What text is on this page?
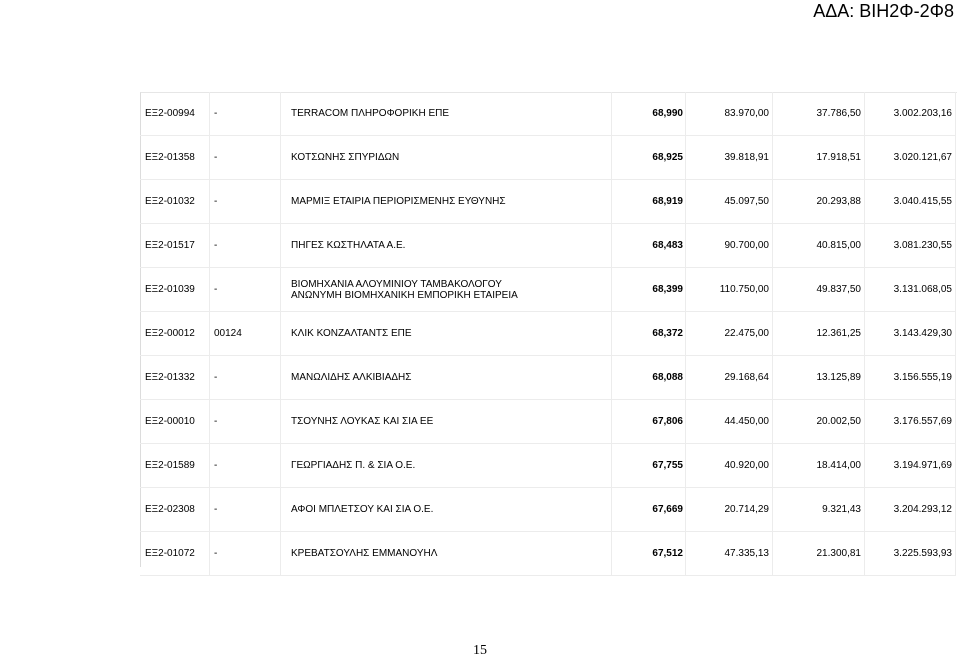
ΑΔΑ: ΒΙΗ2Φ-2Φ8
ΕΞ2-00994	-	TERRACOM ΠΛΗΡΟΦΟΡΙΚΗ ΕΠΕ	68,990	83.970,00	37.786,50	3.002.203,16
ΕΞ2-01358	-	ΚΟΤΣΩΝΗΣ ΣΠΥΡΙΔΩΝ	68,925	39.818,91	17.918,51	3.020.121,67
ΕΞ2-01032	-	ΜΑΡΜΙΞ ΕΤΑΙΡΙΑ ΠΕΡΙΟΡΙΣΜΕΝΗΣ ΕΥΘΥΝΗΣ	68,919	45.097,50	20.293,88	3.040.415,55
ΕΞ2-01517	-	ΠΗΓΕΣ ΚΩΣΤΗΛΑΤΑ Α.Ε.	68,483	90.700,00	40.815,00	3.081.230,55
ΕΞ2-01039	-	ΒΙΟΜΗΧΑΝΙΑ ΑΛΟΥΜΙΝΙΟΥ ΤΑΜΒΑΚΟΛΟΓΟΥ
ΑΝΩΝΥΜΗ ΒΙΟΜΗΧΑΝΙΚΗ ΕΜΠΟΡΙΚΗ ΕΤΑΙΡΕΙΑ	68,399	110.750,00	49.837,50	3.131.068,05
ΕΞ2-00012	00124	ΚΛΙΚ ΚΟΝΖΑΛΤΑΝΤΣ ΕΠΕ	68,372	22.475,00	12.361,25	3.143.429,30
ΕΞ2-01332	-	ΜΑΝΩΛΙΔΗΣ ΑΛΚΙΒΙΑΔΗΣ	68,088	29.168,64	13.125,89	3.156.555,19
ΕΞ2-00010	-	ΤΣΟΥΝΗΣ ΛΟΥΚΑΣ ΚΑΙ ΣΙΑ ΕΕ	67,806	44.450,00	20.002,50	3.176.557,69
ΕΞ2-01589	-	ΓΕΩΡΓΙΑΔΗΣ Π. & ΣΙΑ Ο.Ε.	67,755	40.920,00	18.414,00	3.194.971,69
ΕΞ2-02308	-	ΑΦΟΙ ΜΠΛΕΤΣΟΥ ΚΑΙ ΣΙΑ Ο.Ε.	67,669	20.714,29	9.321,43	3.204.293,12
ΕΞ2-01072	-	ΚΡΕΒΑΤΣΟΥΛΗΣ ΕΜΜΑΝΟΥΗΛ	67,512	47.335,13	21.300,81	3.225.593,93
15
